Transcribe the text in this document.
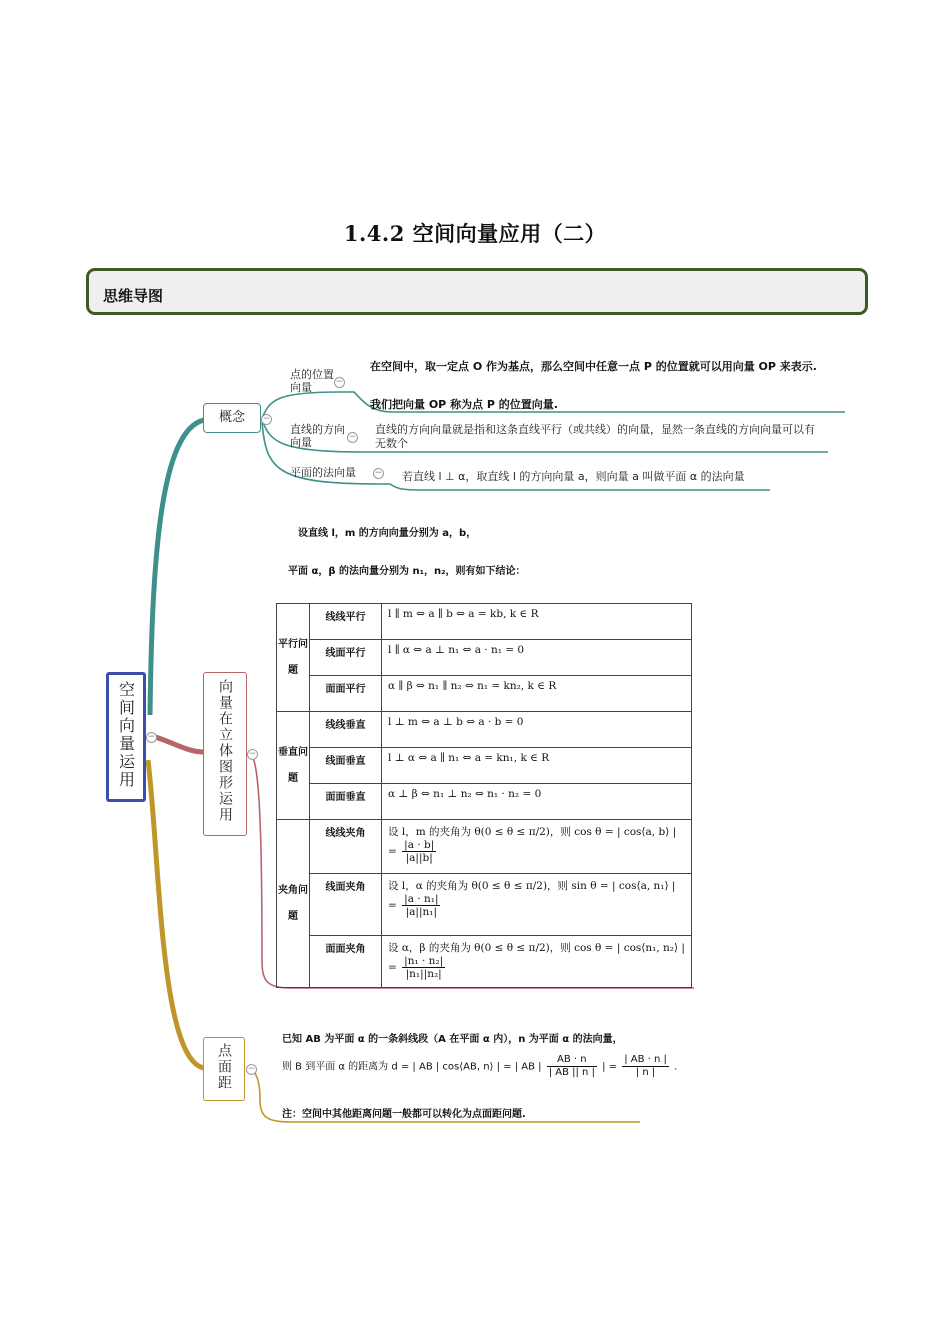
1.4.2 空间向量应用（二）
思维导图
空间向量运用	−
概念	−
点的位置向量	−
在空间中，取一定点 O 作为基点，那么空间中任意一点 P 的位置就可以用向量 OP 来表示.
我们把向量 OP 称为点 P 的位置向量.
直线的方向向量	−
直线的方向向量就是指和这条直线平行（或共线）的向量，显然一条直线的方向向量可以有无数个
平面的法向量	− 若直线 l ⊥ α，取直线 l 的方向向量 a，则向量 a 叫做平面 α 的法向量
向量在立体图形运用	−
设直线 l，m 的方向向量分别为 a，b，
平面 α，β 的法向量分别为 n₁，n₂，则有如下结论：
平行问题	线线平行	l ∥ m ⇔ a ∥ b ⇔ a = kb, k ∈ R
	线面平行	l ∥ α ⇔ a ⊥ n₁ ⇔ a · n₁ = 0
	面面平行	α ∥ β ⇔ n₁ ∥ n₂ ⇔ n₁ = kn₂, k ∈ R
垂直问题	线线垂直	l ⊥ m ⇔ a ⊥ b ⇔ a · b = 0
	线面垂直	l ⊥ α ⇔ a ∥ n₁ ⇔ a = kn₁, k ∈ R
	面面垂直	α ⊥ β ⇔ n₁ ⊥ n₂ ⇔ n₁ · n₂ = 0
夹角问题	线线夹角	设 l，m 的夹角为 θ(0 ≤ θ ≤ π/2)，则 cos θ = | cos⟨a, b⟩ | = $\frac{|a \cdot b|}{|a||b|}$

	线面夹角	设 l，α 的夹角为 θ(0 ≤ θ ≤ π/2)，则 sin θ = | cos⟨a, n₁⟩ | = $\frac{\text{|a · n₁|}}{\text{|a||n₁|}}$

	面面夹角	设 α，β 的夹角为 θ(0 ≤ θ ≤ π/2)，则 cos θ = | cos⟨n₁, n₂⟩ | = $\frac{\text{|n₁ · n₂|}}{\text{|n₁||n₂|}}$
点面距	−
已知 AB 为平面 α 的一条斜线段（A 在平面 α 内），n 为平面 α 的法向量，
则 B 到平面 α 的距离为 d = | AB | cos⟨AB, n⟩ | = | AB | $\frac{AB \cdot n}{| AB || n |}$ | = $\frac{| AB \cdot n |}{| n |}$ .
注：空间中其他距离问题一般都可以转化为点面距问题.
